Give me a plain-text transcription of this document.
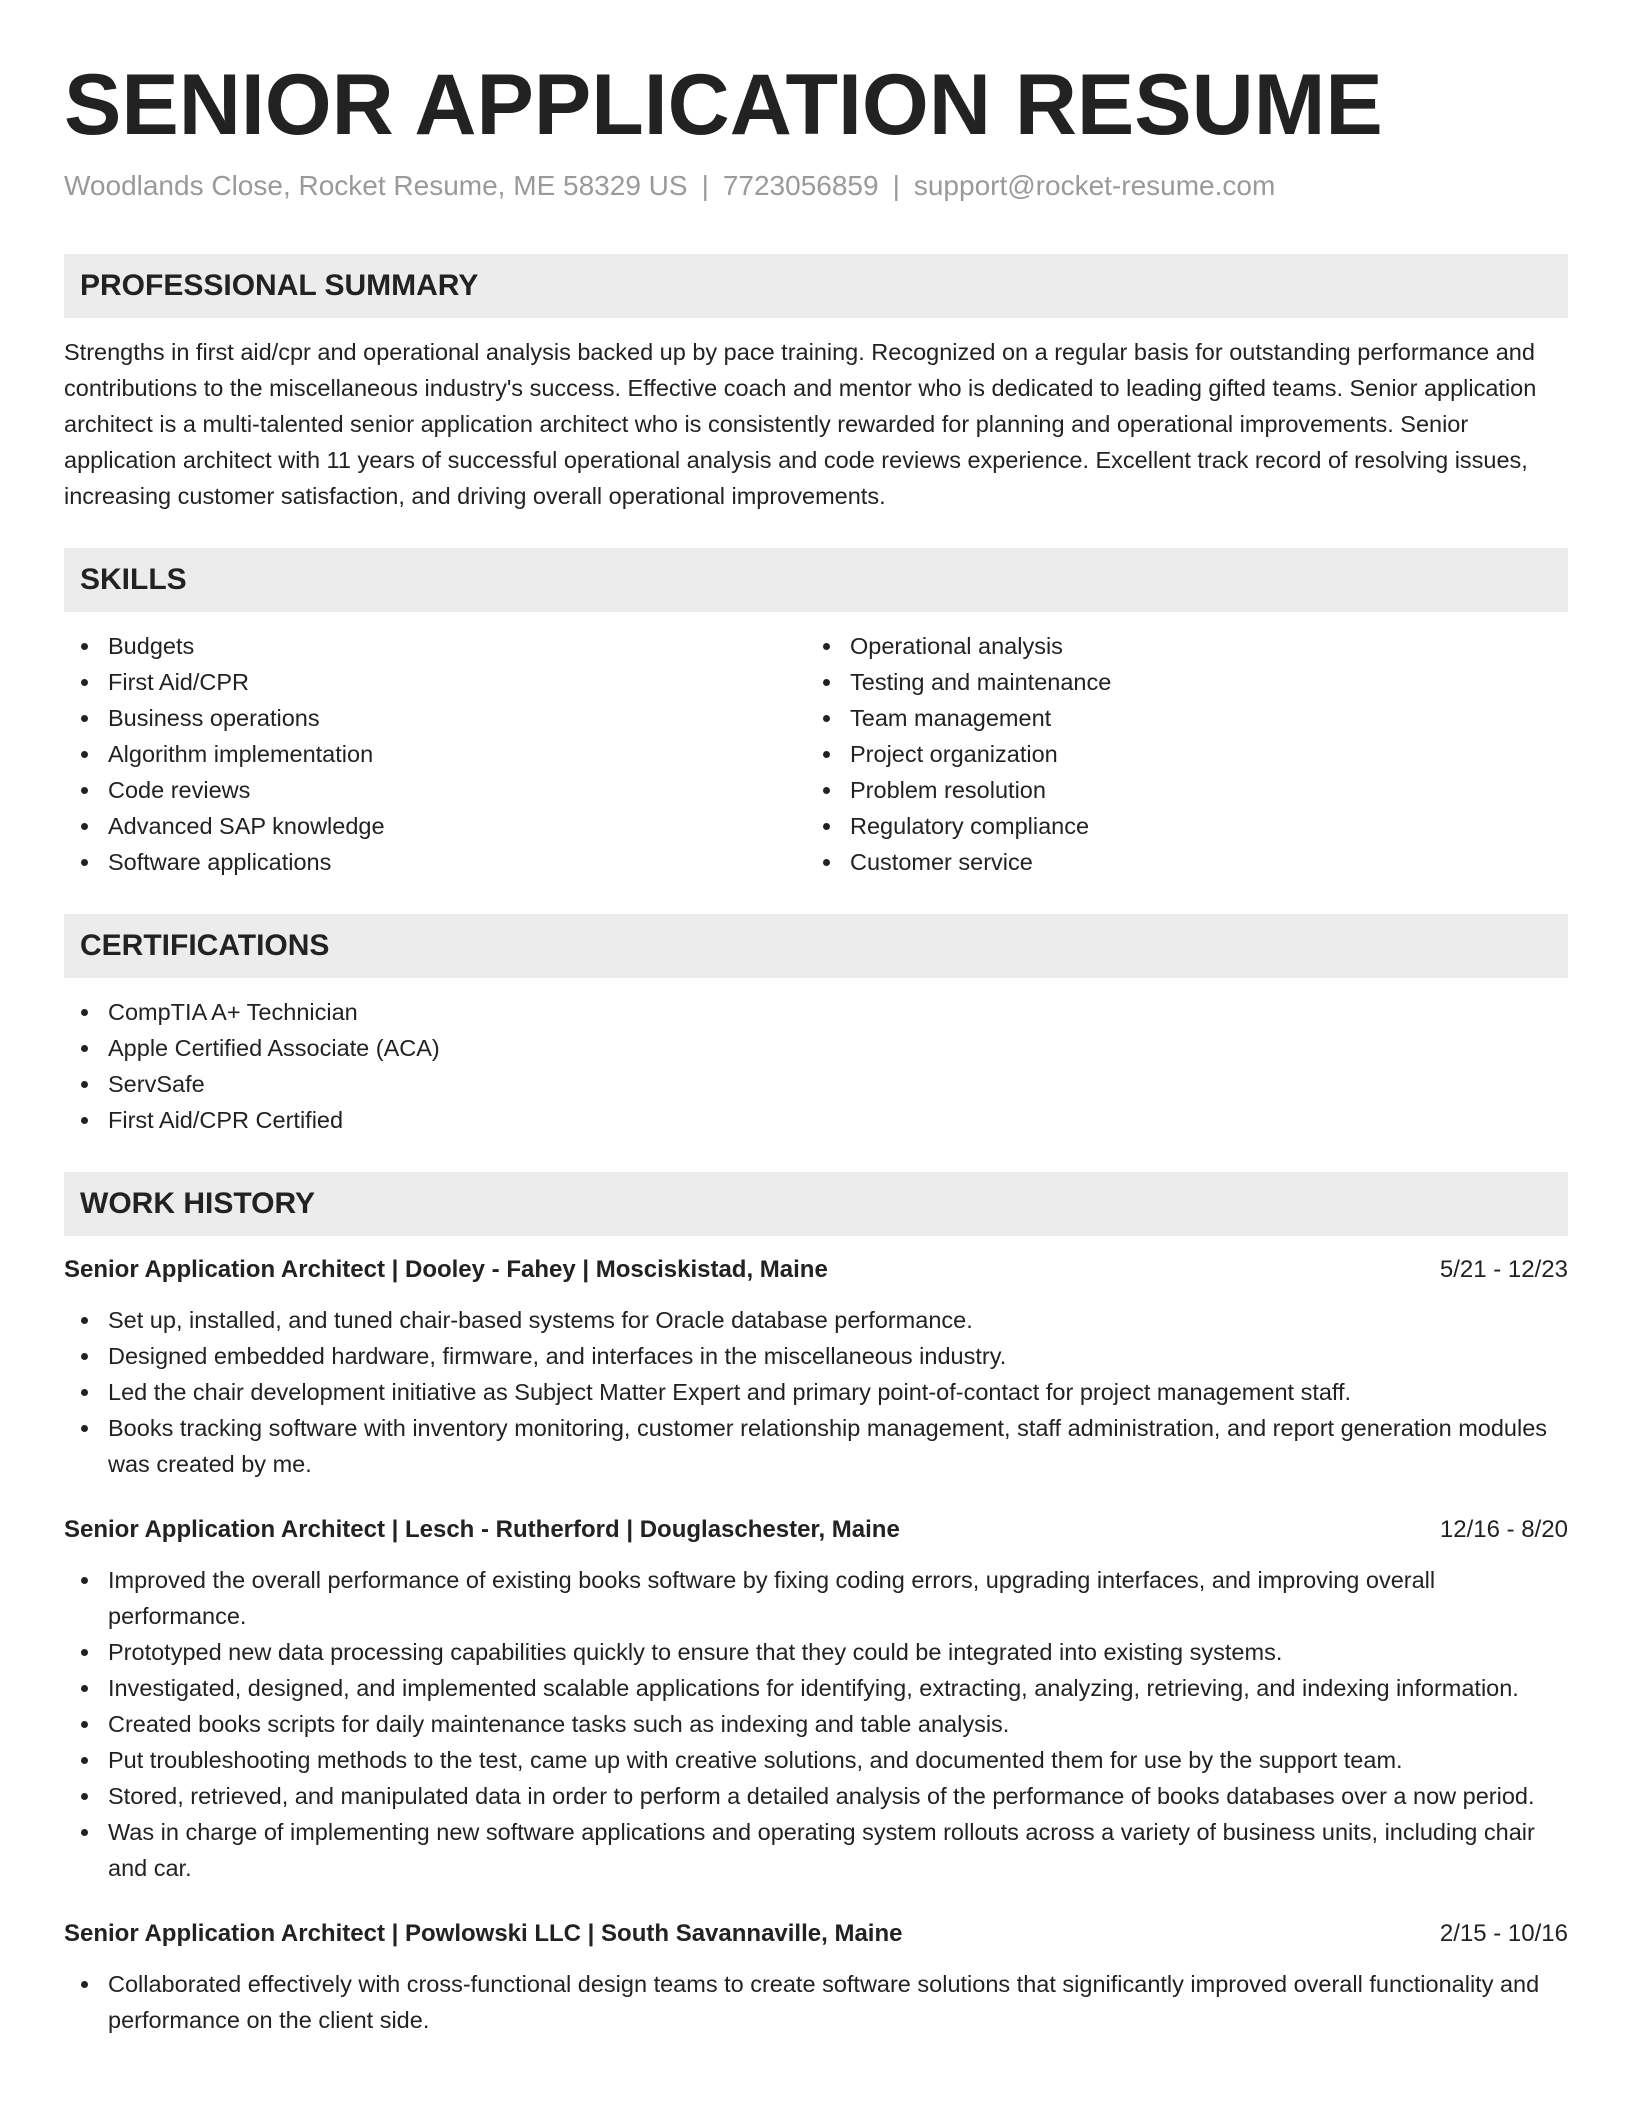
SENIOR APPLICATION RESUME
Woodlands Close, Rocket Resume, ME 58329 US | 7723056859 | support@rocket-resume.com
PROFESSIONAL SUMMARY

Strengths in first aid/cpr and operational analysis backed up by pace training. Recognized on a regular basis for outstanding performance and contributions to the miscellaneous industry's success. Effective coach and mentor who is dedicated to leading gifted teams. Senior application architect is a multi-talented senior application architect who is consistently rewarded for planning and operational improvements. Senior application architect with 11 years of successful operational analysis and code reviews experience. Excellent track record of resolving issues, increasing customer satisfaction, and driving overall operational improvements.

SKILLS
Budgets
First Aid/CPR
Business operations
Algorithm implementation
Code reviews
Advanced SAP knowledge
Software applications
Operational analysis
Testing and maintenance
Team management
Project organization
Problem resolution
Regulatory compliance
Customer service
CERTIFICATIONS
CompTIA A+ Technician
Apple Certified Associate (ACA)
ServSafe
First Aid/CPR Certified
WORK HISTORY
Senior Application Architect | Dooley - Fahey | Mosciskistad, Maine	5/21 - 12/23
Set up, installed, and tuned chair-based systems for Oracle database performance.
Designed embedded hardware, firmware, and interfaces in the miscellaneous industry.
Led the chair development initiative as Subject Matter Expert and primary point-of-contact for project management staff.
Books tracking software with inventory monitoring, customer relationship management, staff administration, and report generation modules was created by me.
Senior Application Architect | Lesch - Rutherford | Douglaschester, Maine	12/16 - 8/20
Improved the overall performance of existing books software by fixing coding errors, upgrading interfaces, and improving overall performance.
Prototyped new data processing capabilities quickly to ensure that they could be integrated into existing systems.
Investigated, designed, and implemented scalable applications for identifying, extracting, analyzing, retrieving, and indexing information.
Created books scripts for daily maintenance tasks such as indexing and table analysis.
Put troubleshooting methods to the test, came up with creative solutions, and documented them for use by the support team.
Stored, retrieved, and manipulated data in order to perform a detailed analysis of the performance of books databases over a now period.
Was in charge of implementing new software applications and operating system rollouts across a variety of business units, including chair and car.
Senior Application Architect | Powlowski LLC | South Savannaville, Maine	2/15 - 10/16
Collaborated effectively with cross-functional design teams to create software solutions that significantly improved overall functionality and performance on the client side.
